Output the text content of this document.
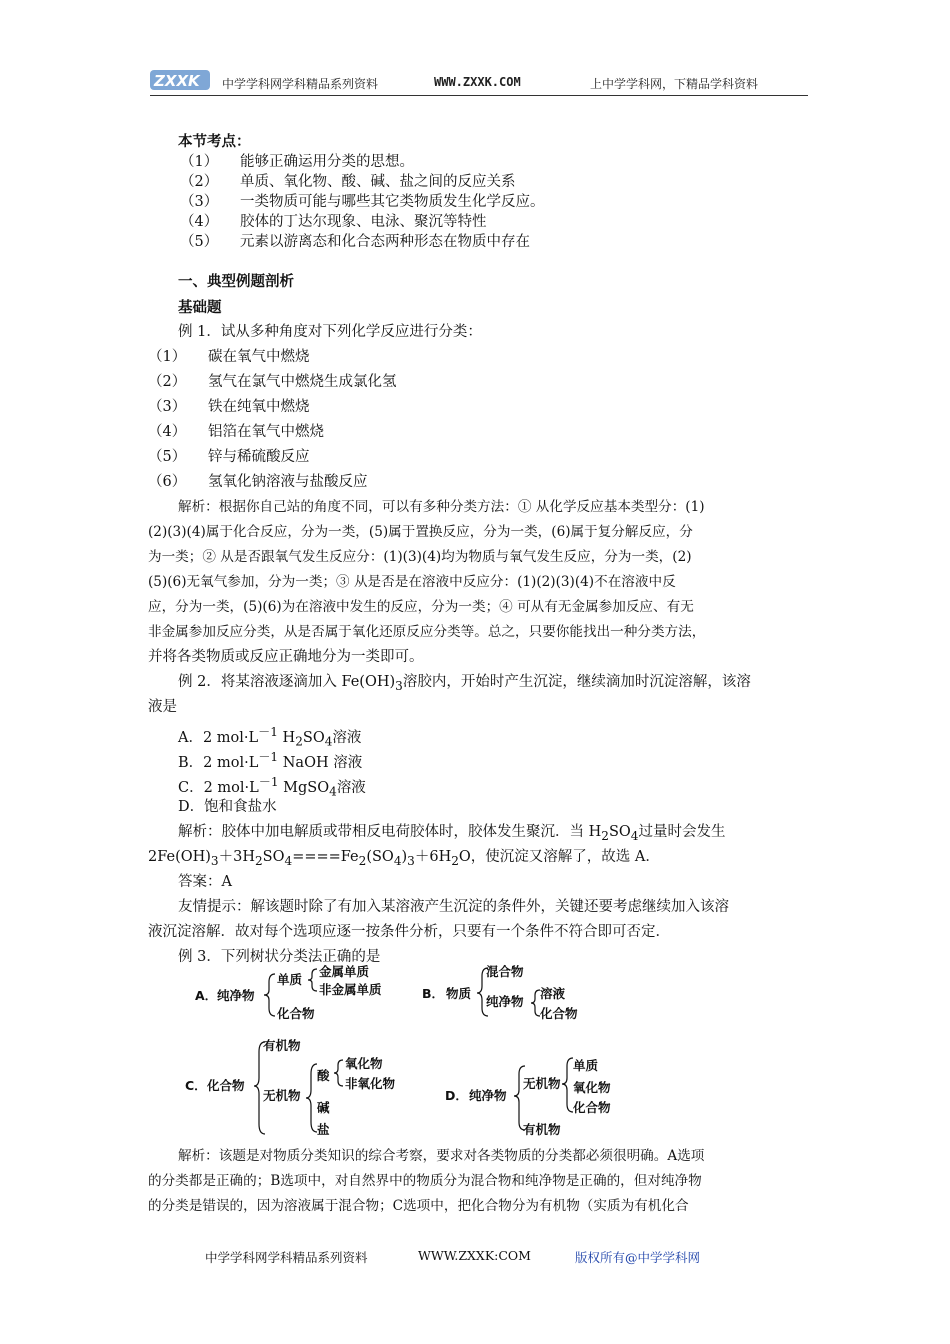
ZXXK 中学学科网学科精品系列资料	WWW.ZXXK.COM	上中学学科网，下精品学科资料
本节考点：
（1） 能够正确运用分类的思想。
（2） 单质、氧化物、酸、碱、盐之间的反应关系
（3） 一类物质可能与哪些其它类物质发生化学反应。
（4） 胶体的丁达尔现象、电泳、聚沉等特性
（5） 元素以游离态和化合态两种形态在物质中存在
一、典型例题剖析
基础题
例 1．试从多种角度对下列化学反应进行分类：
（1） 碳在氧气中燃烧
（2） 氢气在氯气中燃烧生成氯化氢
（3） 铁在纯氧中燃烧
（4） 铝箔在氧气中燃烧
（5） 锌与稀硫酸反应
（6） 氢氧化钠溶液与盐酸反应
解析：根据你自己站的角度不同，可以有多种分类方法：① 从化学反应基本类型分：(1)
(2)(3)(4)属于化合反应，分为一类，(5)属于置换反应，分为一类，(6)属于复分解反应，分
为一类；② 从是否跟氧气发生反应分：(1)(3)(4)均为物质与氧气发生反应，分为一类，(2)
(5)(6)无氧气参加，分为一类；③ 从是否是在溶液中反应分：(1)(2)(3)(4)不在溶液中反
应，分为一类，(5)(6)为在溶液中发生的反应，分为一类；④ 可从有无金属参加反应、有无
非金属参加反应分类，从是否属于氧化还原反应分类等。总之，只要你能找出一种分类方法，
并将各类物质或反应正确地分为一类即可。
例 2．将某溶液逐滴加入 $Fe(OH)_3$溶胶内，开始时产生沉淀，继续滴加时沉淀溶解，该溶
液是
A．2 $mol\cdot L^{-1}$ $H_2SO_4$溶液
B．2 $mol\cdot L^{-1}$ NaOH 溶液
C．2 $mol\cdot L^{-1}$ MgSO$_4$溶液
D．饱和食盐水
解析：胶体中加电解质或带相反电荷胶体时，胶体发生聚沉．当 $H_2SO_4$过量时会发生
$2Fe(OH)_3+3H_2SO_4====Fe_2(SO_4)_3+6H_2O$，使沉淀又溶解了，故选 A．
答案：A
友情提示：解该题时除了有加入某溶液产生沉淀的条件外，关键还要考虑继续加入该溶
液沉淀溶解．故对每个选项应逐一按条件分析，只要有一个条件不符合即可否定．
例 3．下列树状分类法正确的是
A． 纯净物
单质
化合物
金属单质
非金属单质	B． 物质
混合物
纯净物
溶液
化合物
C． 化合物
有机物
无机物
酸
碱
盐
氧化物
非氧化物
D． 纯净物
无机物
有机物
单质
氧化物
化合物
解析：该题是对物质分类知识的综合考察，要求对各类物质的分类都必须很明确。A选项
的分类都是正确的；B选项中，对自然界中的物质分为混合物和纯净物是正确的，但对纯净物
的分类是错误的，因为溶液属于混合物；C选项中，把化合物分为有机物（实质为有机化合
中学学科网学科精品系列资料	WWW.ZXXK:COM	版权所有@中学学科网
